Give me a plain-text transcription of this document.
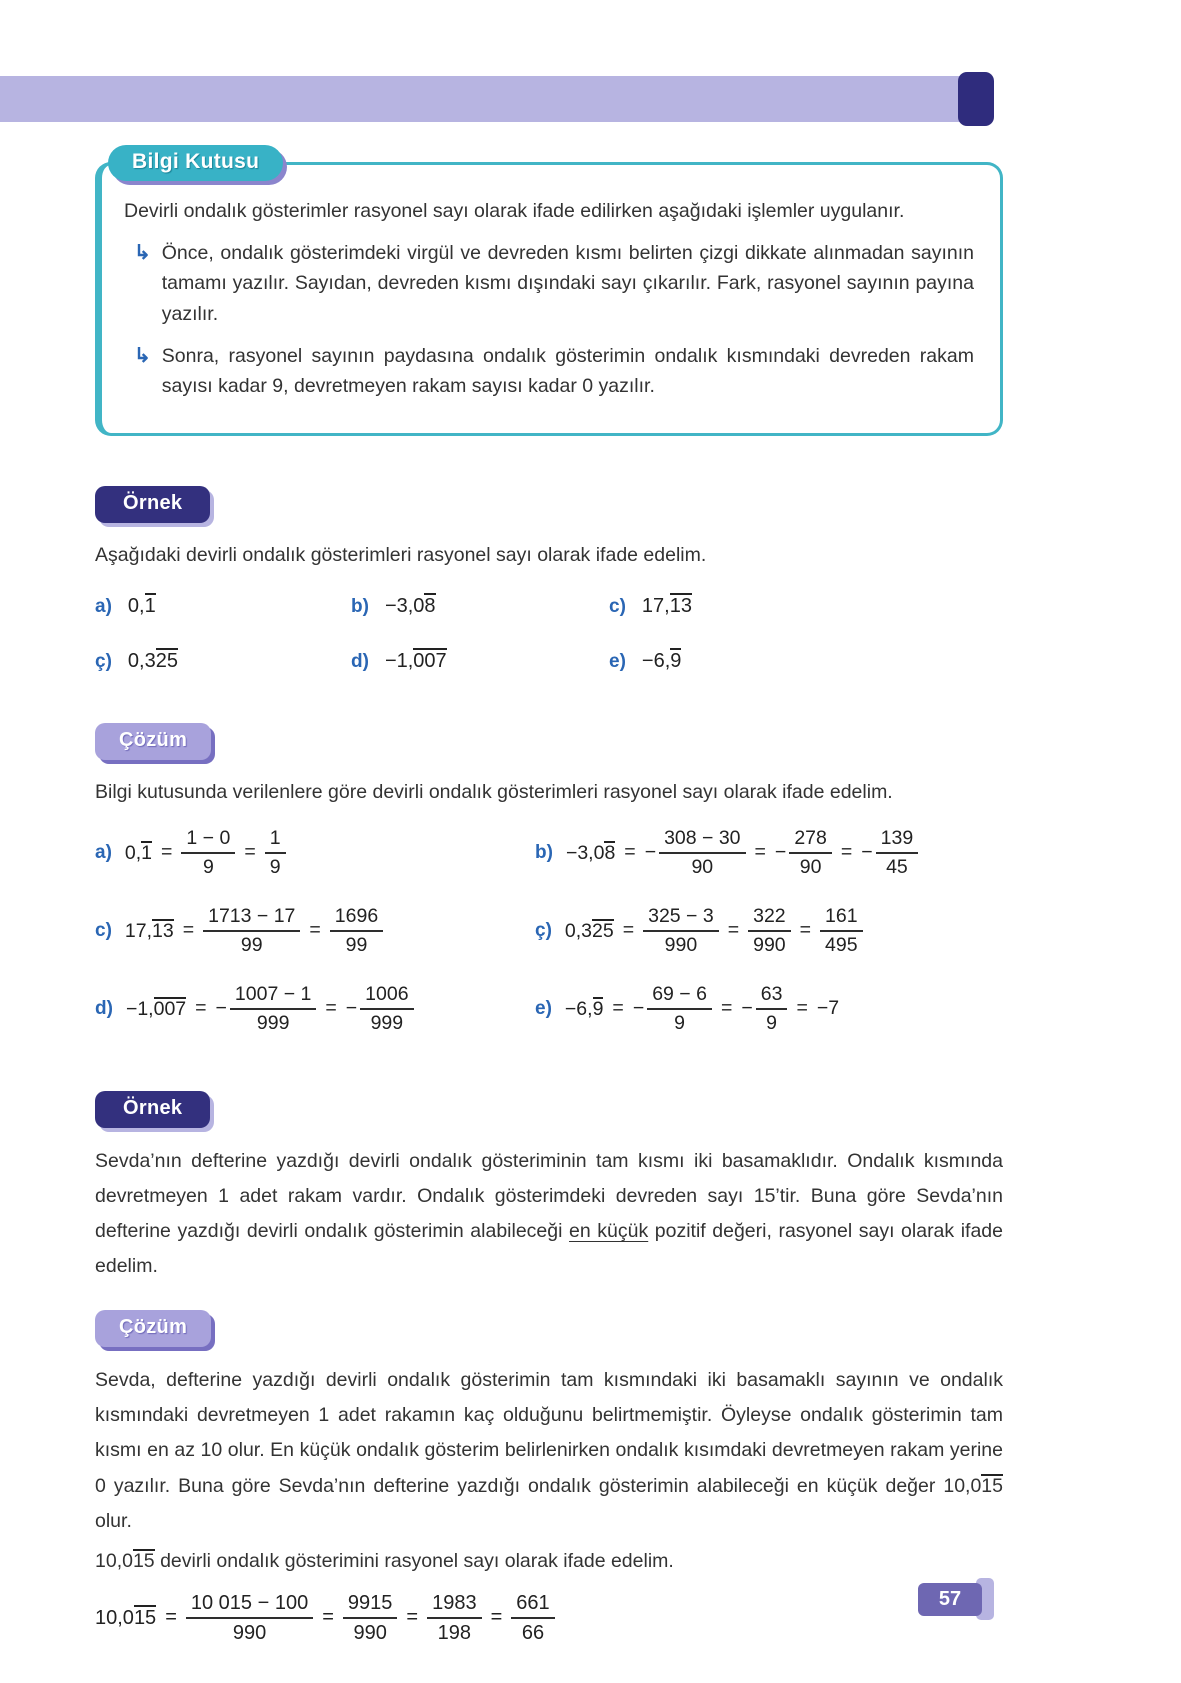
Bilgi Kutusu

Devirli ondalık gösterimler rasyonel sayı olarak ifade edilirken aşağıdaki işlemler uygulanır.

↳ Önce, ondalık gösterimdeki virgül ve devreden kısmı belirten çizgi dikkate alınmadan sayının tamamı yazılır. Sayıdan, devreden kısmı dışındaki sayı çıkarılır. Fark, rasyonel sayının payına yazılır.
↳ Sonra, rasyonel sayının paydasına ondalık gösterimin ondalık kısmındaki devreden rakam sayısı kadar 9, devretmeyen rakam sayısı kadar 0 yazılır.
Örnek

Aşağıdaki devirli ondalık gösterimleri rasyonel sayı olarak ifade edelim.

a) 0,1	b) −3,08	c) 17,13
ç) 0,325	d) −1,007	e) −6,9
Çözüm

Bilgi kutusunda verilenlere göre devirli ondalık gösterimleri rasyonel sayı olarak ifade edelim.

a) $0,1 = \frac{1 - 0}{9} = \frac{1}{9}$	b) −3,08 = − $\frac{308 - 30}{90}$ = − $\frac{278}{90}$ = − $\frac{139}{45}$
c) $17,13 = \frac{1713 - 17}{99} = \frac{1696}{99}$	ç) $0,325 = \frac{325 - 3}{990} = \frac{322}{990} = \frac{161}{495}$
d) −1,007 = − $\frac{1007 - 1}{999}$ = − $\frac{1006}{999}$	e) −6,9 = − $\frac{69 - 6}{9}$ = − $\frac{63}{9} = -7$
Örnek

Sevda’nın defterine yazdığı devirli ondalık gösteriminin tam kısmı iki basamaklıdır. Ondalık kısmında devretmeyen 1 adet rakam vardır. Ondalık gösterimdeki devreden sayı 15’tir. Buna göre Sevda’nın defterine yazdığı devirli ondalık gösterimin alabileceği en küçük pozitif değeri, rasyonel sayı olarak ifade edelim.

Çözüm

Sevda, defterine yazdığı devirli ondalık gösterimin tam kısmındaki iki basamaklı sayının ve ondalık kısmındaki devretmeyen 1 adet rakamın kaç olduğunu belirtmemiştir. Öyleyse ondalık gösterimin tam kısmı en az 10 olur. En küçük ondalık gösterim belirlenirken ondalık kısımdaki devretmeyen rakam yerine 0 yazılır. Buna göre Sevda’nın defterine yazdığı ondalık gösterimin alabileceği en küçük değer 10,015 olur.

10,015 devirli ondalık gösterimini rasyonel sayı olarak ifade edelim.

$10,015 = \frac{10 015 - 100}{990} = \frac{9915}{990} = \frac{1983}{198} = \frac{661}{66}$	57
